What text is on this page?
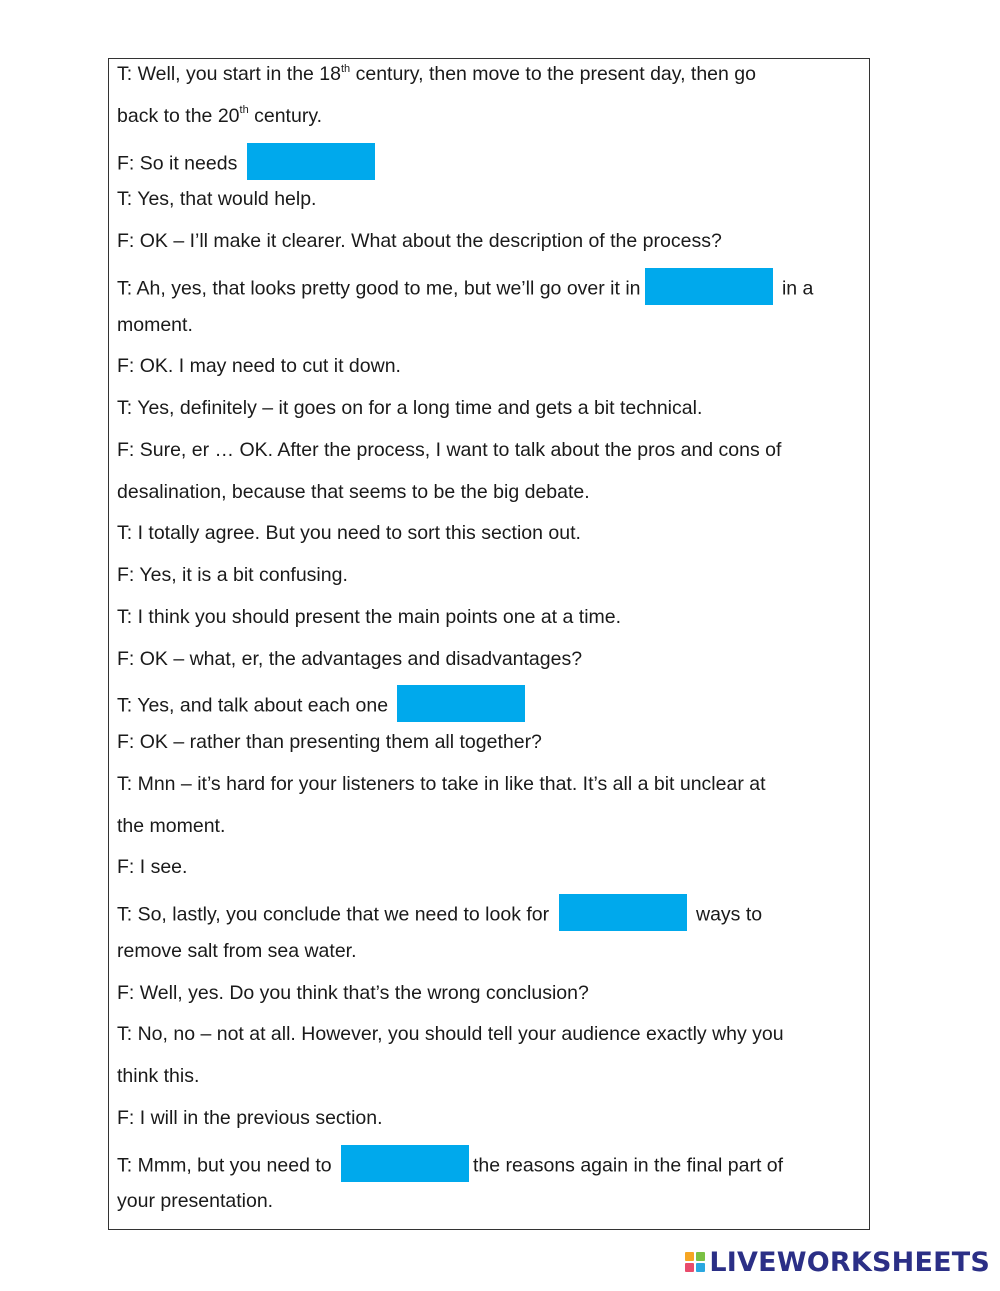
T: Well, you start in the 18th century, then move to the present day, then go
back to the 20th century.
F: So it needs
T: Yes, that would help.
F: OK – I’ll make it clearer. What about the description of the process?
T: Ah, yes, that looks pretty good to me, but we’ll go over it in	in a
moment.
F: OK. I may need to cut it down.
T: Yes, definitely – it goes on for a long time and gets a bit technical.
F: Sure, er … OK. After the process, I want to talk about the pros and cons of
desalination, because that seems to be the big debate.
T: I totally agree. But you need to sort this section out.
F: Yes, it is a bit confusing.
T: I think you should present the main points one at a time.
F: OK – what, er, the advantages and disadvantages?
T: Yes, and talk about each one
F: OK – rather than presenting them all together?
T: Mnn – it’s hard for your listeners to take in like that. It’s all a bit unclear at
the moment.
F: I see.
T: So, lastly, you conclude that we need to look for	ways to
remove salt from sea water.
F: Well, yes. Do you think that’s the wrong conclusion?
T: No, no – not at all. However, you should tell your audience exactly why you
think this.
F: I will in the previous section.
T: Mmm, but you need to	the reasons again in the final part of
your presentation.
LIVEWORKSHEETS
